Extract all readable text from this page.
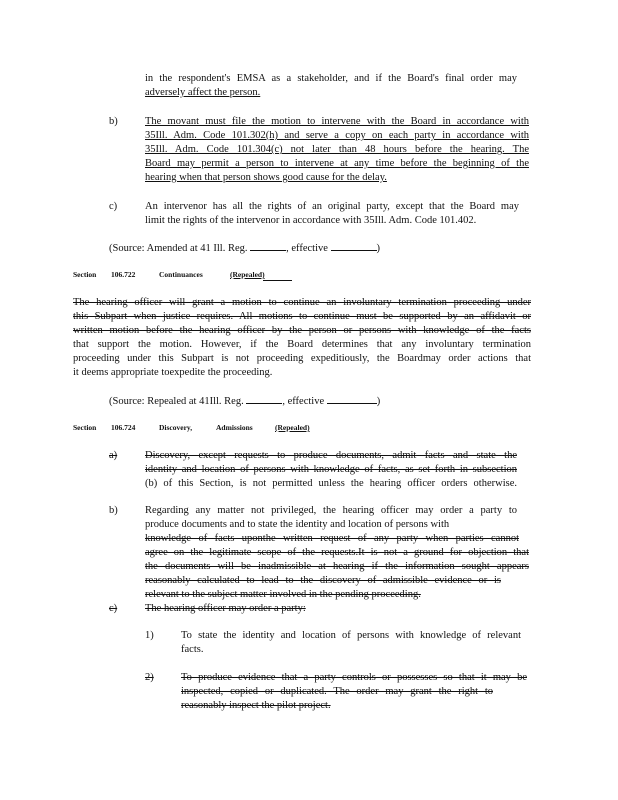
in the respondent's EMSA as a stakeholder, and if the Board's final order may
adversely affect the person.
b)	The movant must file the motion to intervene with the Board in accordance with
35Ill. Adm. Code 101.302(h) and serve a copy on each party in accordance with
35Ill. Adm. Code 101.304(c) not later than 48 hours before the hearing. The
Board may permit a person to intervene at any time before the beginning of the
hearing when that person shows good cause for the delay.
c)	An intervenor has all the rights of an original party, except that the Board may
limit the rights of the intervenor in accordance with 35Ill. Adm. Code 101.402.
(Source: Amended at 41 Ill. Reg.	, effective	)
Section 106.722	Continuances	(Repealed)
The hearing officer will grant a motion to continue an involuntary termination proceeding under
this Subpart when justice requires. All motions to continue must be supported by an affidavit or
written motion before the hearing officer by the person or persons with knowledge of the facts
that support the motion. However, if the Board determines that any involuntary termination
proceeding under this Subpart is not proceeding expeditiously, the Boardmay order actions that
it deems appropriate toexpedite the proceeding.
(Source: Repealed at 41Ill. Reg.	, effective	)
Section 106.724	Discovery,	Admissions	(Repealed)
a)	Discovery, except requests to produce documents, admit facts and state the
identity and location of persons with knowledge of facts, as set forth in subsection
(b) of this Section, is not permitted unless the hearing officer orders otherwise.
b)	Regarding any matter not privileged, the hearing officer may order a party to
produce documents and to state the identity and location of persons with
knowledge of facts uponthe written request of any party when parties cannot
agree on the legitimate scope of the requests.It is not a ground for objection that
the documents will be inadmissible at hearing if the information sought appears
reasonably calculated to lead to the discovery of admissible evidence or is
relevant to the subject matter involved in the pending proceeding.
c)	The hearing officer may order a party:
1)	To state the identity and location of persons with knowledge of relevant
facts.
2)	To produce evidence that a party controls or possesses so that it may be
inspected, copied or duplicated. The order may grant the right to
reasonably inspect the pilot project.
